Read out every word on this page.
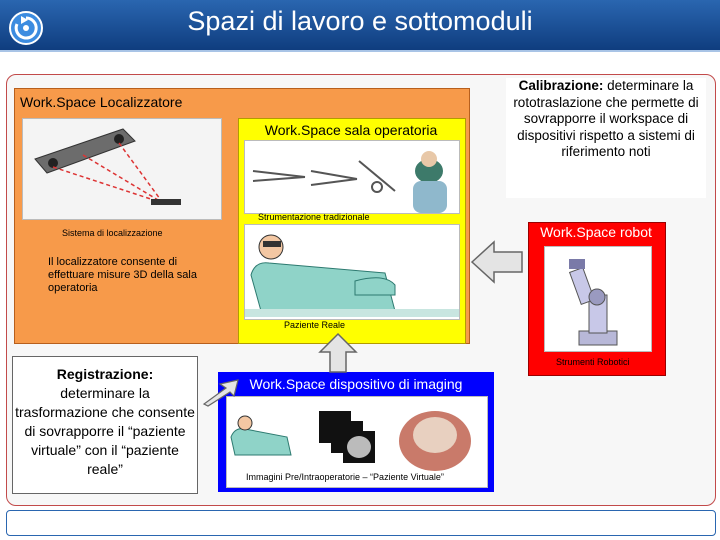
Spazi di lavoro e sottomoduli
Work.Space Localizzatore
Sistema di localizzazione
Il localizzatore consente di effettuare misure 3D della sala operatoria
Work.Space sala operatoria
Strumentazione tradizionale
Paziente Reale
Calibrazione: determinare la rototraslazione che permette di sovrapporre il workspace di dispositivi rispetto a sistemi di riferimento noti
Work.Space robot
Strumenti Robotici
Work.Space dispositivo di imaging
Immagini Pre/Intraoperatorie – “Paziente Virtuale”
Registrazione:
determinare la trasformazione che consente di sovrapporre il “paziente virtuale” con il “paziente reale”
